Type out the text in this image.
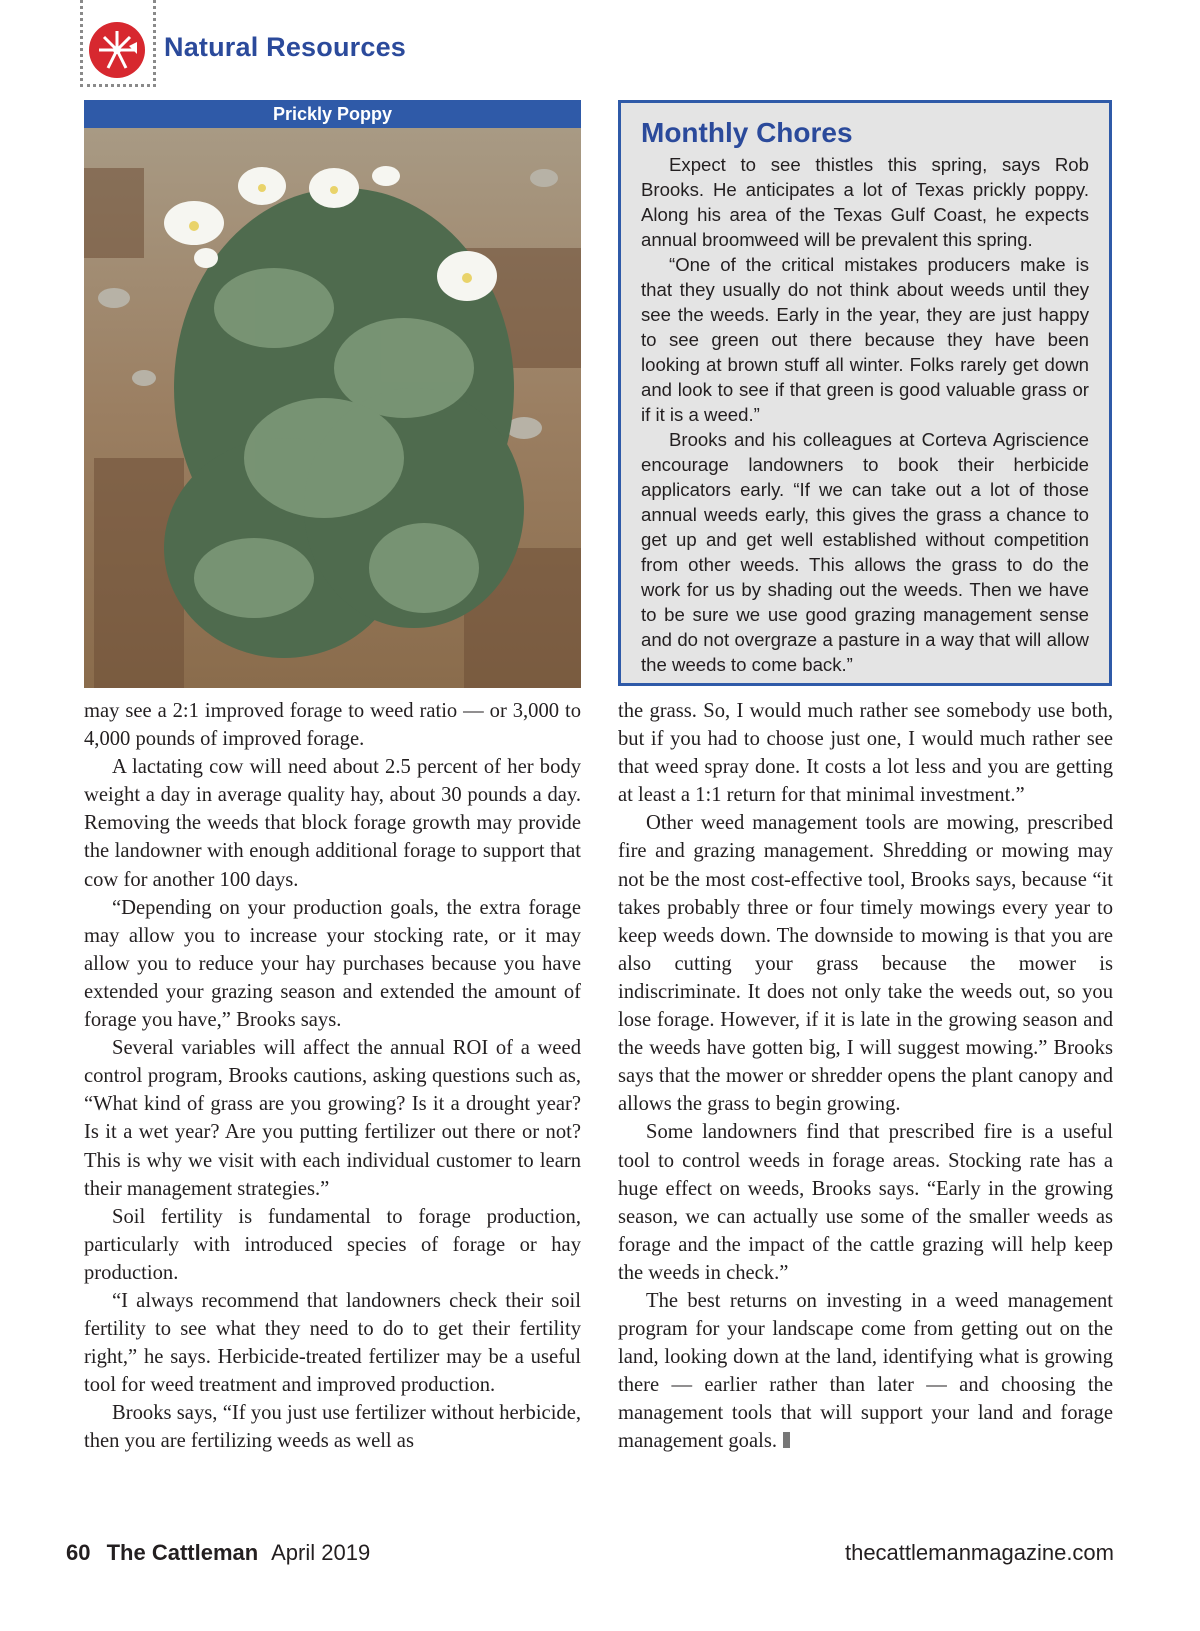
Natural Resources
Prickly Poppy
Monthly Chores

Expect to see thistles this spring, says Rob Brooks. He anticipates a lot of Texas prickly poppy. Along his area of the Texas Gulf Coast, he expects annual broomweed will be prevalent this spring.

“One of the critical mistakes producers make is that they usually do not think about weeds until they see the weeds. Early in the year, they are just happy to see green out there because they have been looking at brown stuff all winter. Folks rarely get down and look to see if that green is good valuable grass or if it is a weed.”

Brooks and his colleagues at Corteva Agriscience encourage landowners to book their herbicide applicators early. “If we can take out a lot of those annual weeds early, this gives the grass a chance to get up and get well established without competition from other weeds. This allows the grass to do the work for us by shading out the weeds. Then we have to be sure we use good grazing management sense and do not overgraze a pasture in a way that will allow the weeds to come back.”

may see a 2:1 improved forage to weed ratio — or 3,000 to 4,000 pounds of improved forage.

A lactating cow will need about 2.5 percent of her body weight a day in average quality hay, about 30 pounds a day. Removing the weeds that block forage growth may provide the landowner with enough additional forage to support that cow for another 100 days.

“Depending on your production goals, the extra forage may allow you to increase your stocking rate, or it may allow you to reduce your hay purchases because you have extended your grazing season and extended the amount of forage you have,” Brooks says.

Several variables will affect the annual ROI of a weed control program, Brooks cautions, asking questions such as, “What kind of grass are you growing? Is it a drought year? Is it a wet year? Are you putting fertilizer out there or not? This is why we visit with each individual customer to learn their management strategies.”

Soil fertility is fundamental to forage production, particularly with introduced species of forage or hay production.

“I always recommend that landowners check their soil fertility to see what they need to do to get their fertility right,” he says. Herbicide-treated fertilizer may be a useful tool for weed treatment and improved production.

Brooks says, “If you just use fertilizer without herbicide, then you are fertilizing weeds as well as

the grass. So, I would much rather see somebody use both, but if you had to choose just one, I would much rather see that weed spray done. It costs a lot less and you are getting at least a 1:1 return for that minimal investment.”

Other weed management tools are mowing, prescribed fire and grazing management. Shredding or mowing may not be the most cost-effective tool, Brooks says, because “it takes probably three or four timely mowings every year to keep weeds down. The downside to mowing is that you are also cutting your grass because the mower is indiscriminate. It does not only take the weeds out, so you lose forage. However, if it is late in the growing season and the weeds have gotten big, I will suggest mowing.” Brooks says that the mower or shredder opens the plant canopy and allows the grass to begin growing.

Some landowners find that prescribed fire is a useful tool to control weeds in forage areas. Stocking rate has a huge effect on weeds, Brooks says. “Early in the growing season, we can actually use some of the smaller weeds as forage and the impact of the cattle grazing will help keep the weeds in check.”

The best returns on investing in a weed management program for your landscape come from getting out on the land, looking down at the land, identifying what is growing there — earlier rather than later — and choosing the management tools that will support your land and forage management goals.

60 The Cattleman April 2019	thecattlemanmagazine.com
